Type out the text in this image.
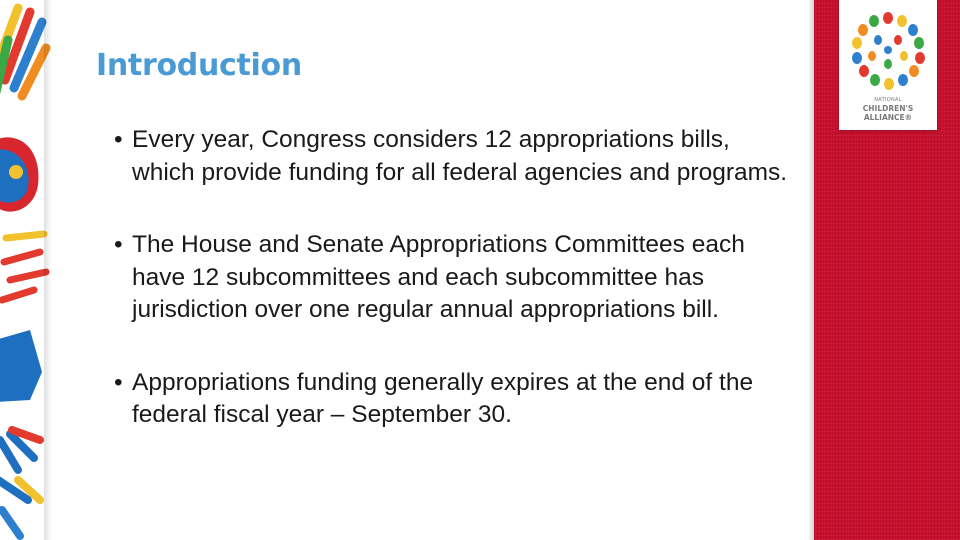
Introduction
• Every year, Congress considers 12 appropriations bills, which provide funding for all federal agencies and programs.
• The House and Senate Appropriations Committees each have 12 subcommittees and each subcommittee has jurisdiction over one regular annual appropriations bill.
• Appropriations funding generally expires at the end of the federal fiscal year – September 30.
NATIONAL
CHILDREN'S
ALLIANCE®
